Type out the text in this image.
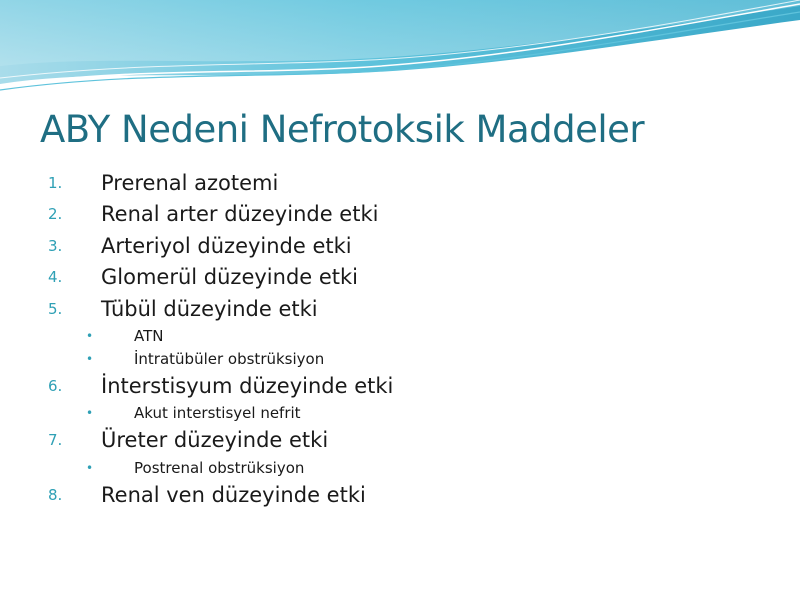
ABY Nedeni Nefrotoksik Maddeler
1. Prerenal azotemi
2. Renal arter düzeyinde etki
3. Arteriyol düzeyinde etki
4. Glomerül düzeyinde etki
5. Tübül düzeyinde etki
•	ATN
•	İntratübüler obstrüksiyon
6. İnterstisyum düzeyinde etki
•	Akut interstisyel nefrit
7. Üreter düzeyinde etki
•	Postrenal obstrüksiyon
8. Renal ven düzeyinde etki
